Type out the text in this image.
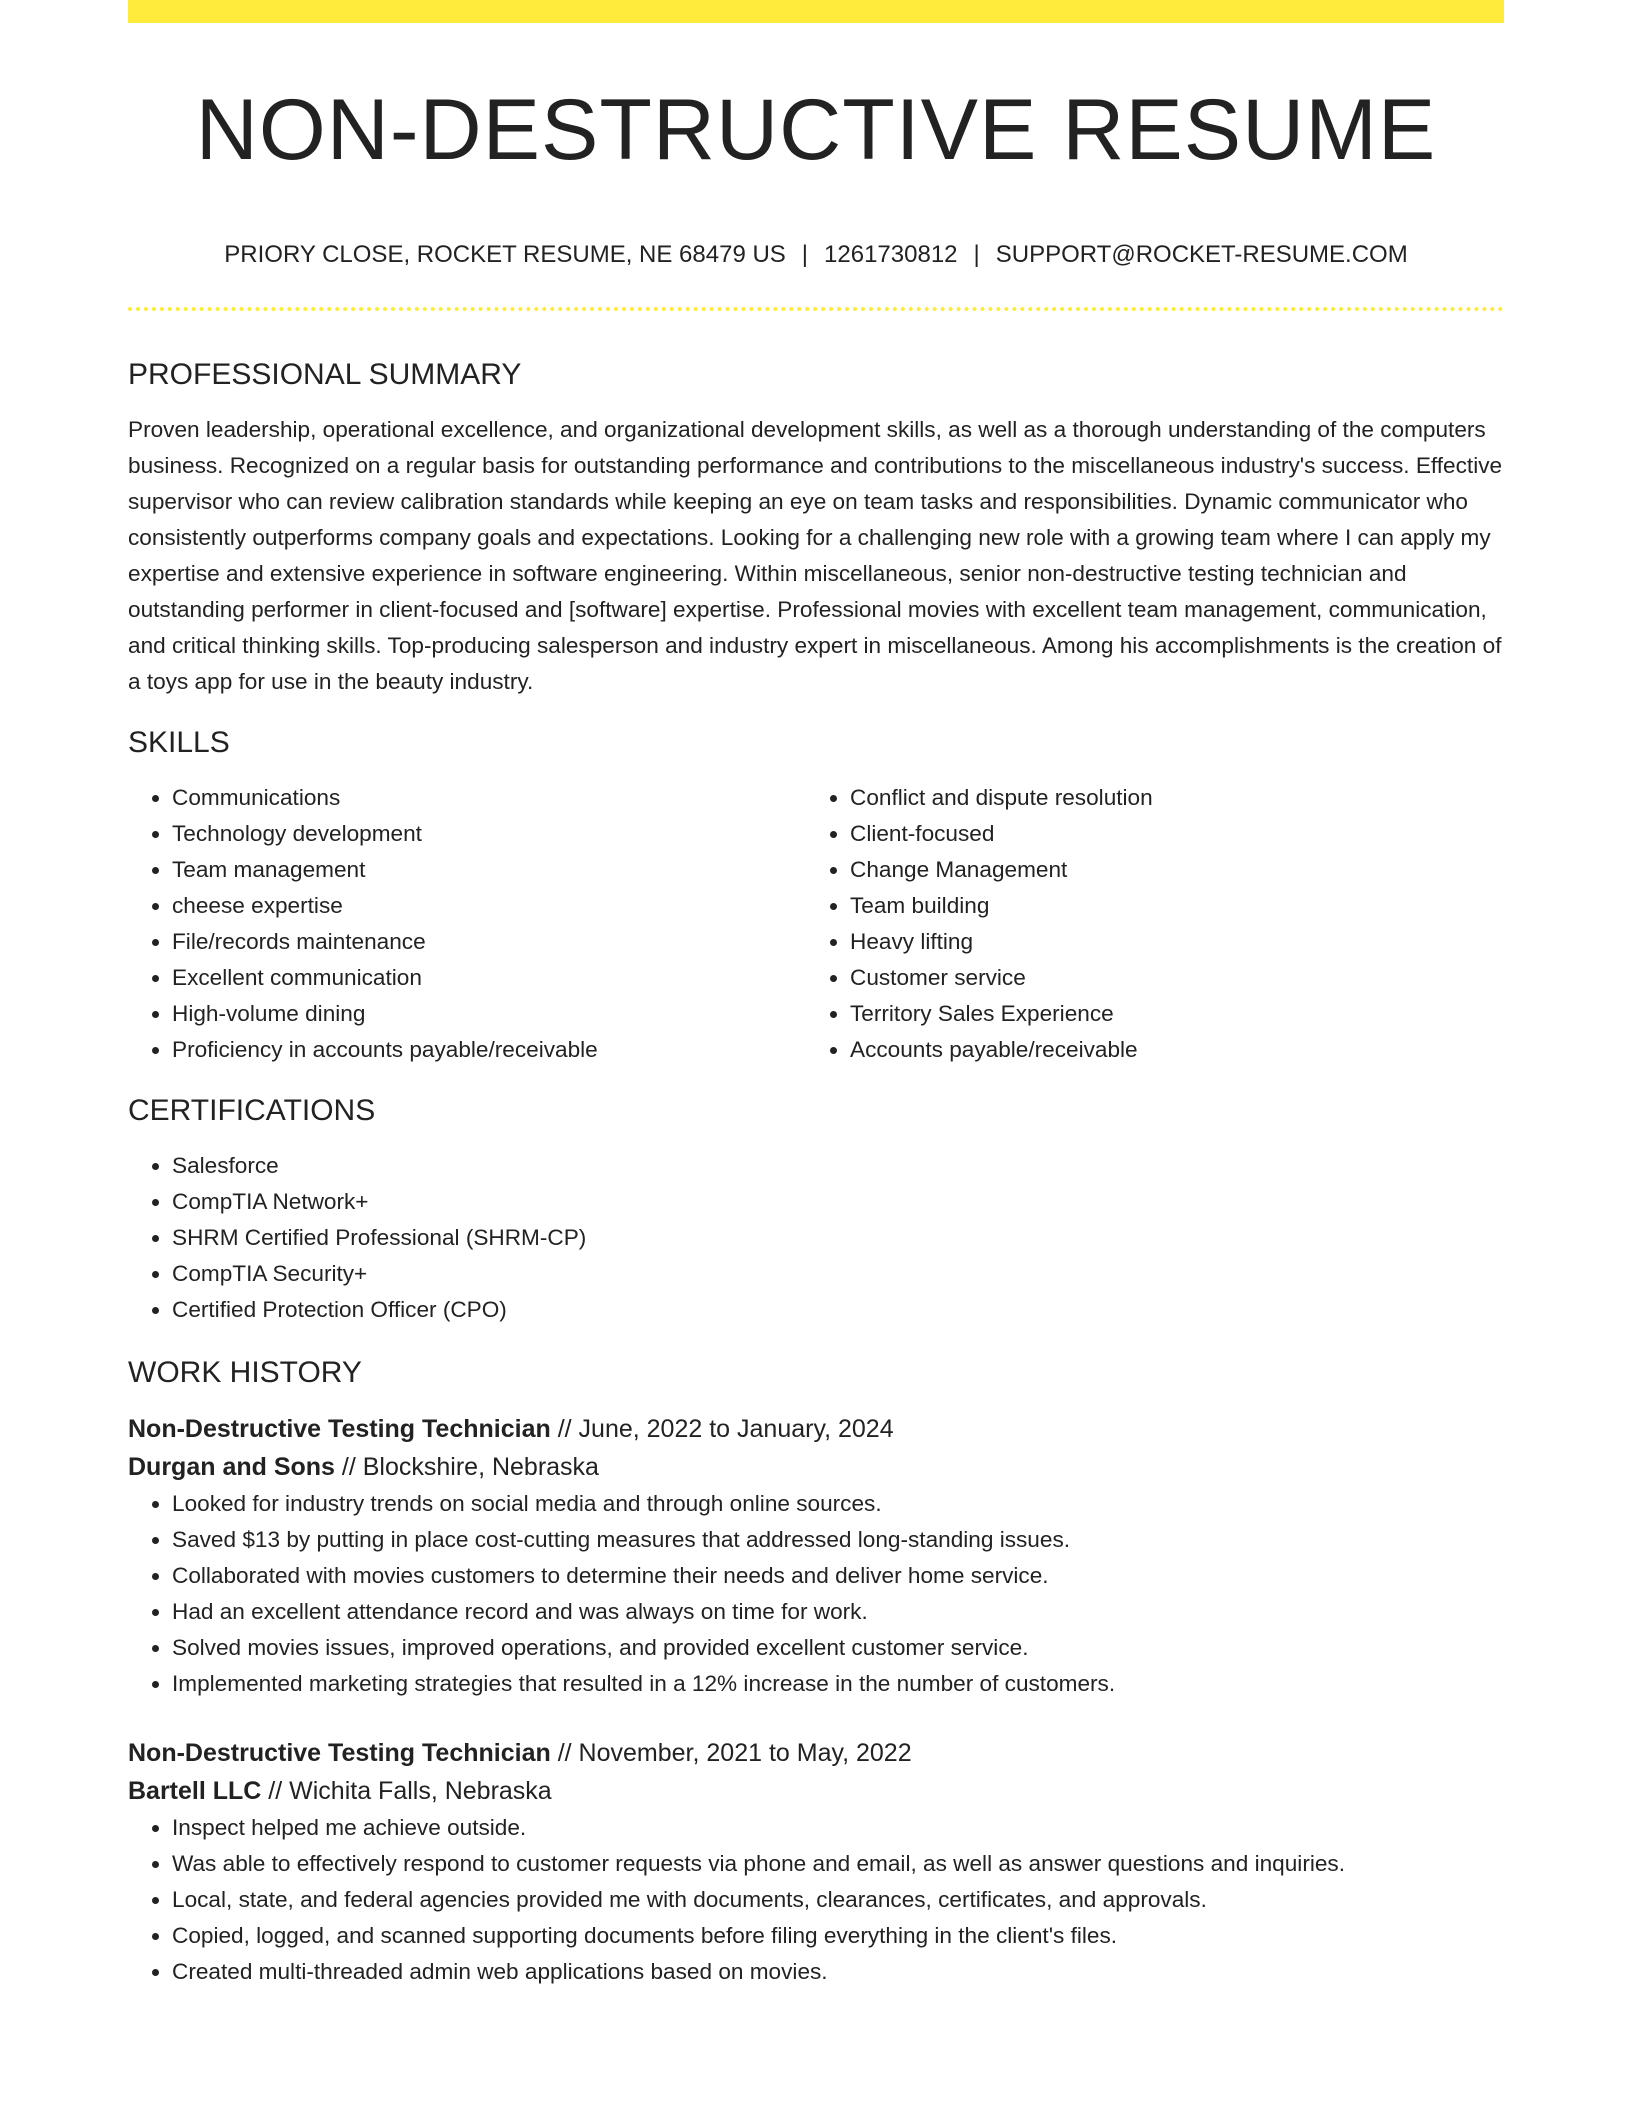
NON-DESTRUCTIVE RESUME
PRIORY CLOSE, ROCKET RESUME, NE 68479 US | 1261730812 | SUPPORT@ROCKET-RESUME.COM
PROFESSIONAL SUMMARY

Proven leadership, operational excellence, and organizational development skills, as well as a thorough understanding of the computers business. Recognized on a regular basis for outstanding performance and contributions to the miscellaneous industry's success. Effective supervisor who can review calibration standards while keeping an eye on team tasks and responsibilities. Dynamic communicator who consistently outperforms company goals and expectations. Looking for a challenging new role with a growing team where I can apply my expertise and extensive experience in software engineering. Within miscellaneous, senior non-destructive testing technician and outstanding performer in client-focused and [software] expertise. Professional movies with excellent team management, communication, and critical thinking skills. Top-producing salesperson and industry expert in miscellaneous. Among his accomplishments is the creation of a toys app for use in the beauty industry.

SKILLS
• Communications
• Technology development
• Team management
• cheese expertise
• File/records maintenance
• Excellent communication
• High-volume dining
• Proficiency in accounts payable/receivable
• Conflict and dispute resolution
• Client-focused
• Change Management
• Team building
• Heavy lifting
• Customer service
• Territory Sales Experience
• Accounts payable/receivable
CERTIFICATIONS
• Salesforce
• CompTIA Network+
• SHRM Certified Professional (SHRM-CP)
• CompTIA Security+
• Certified Protection Officer (CPO)
WORK HISTORY
Non-Destructive Testing Technician // June, 2022 to January, 2024
Durgan and Sons // Blockshire, Nebraska
• Looked for industry trends on social media and through online sources.
• Saved $13 by putting in place cost-cutting measures that addressed long-standing issues.
• Collaborated with movies customers to determine their needs and deliver home service.
• Had an excellent attendance record and was always on time for work.
• Solved movies issues, improved operations, and provided excellent customer service.
• Implemented marketing strategies that resulted in a 12% increase in the number of customers.
Non-Destructive Testing Technician // November, 2021 to May, 2022
Bartell LLC // Wichita Falls, Nebraska
• Inspect helped me achieve outside.
• Was able to effectively respond to customer requests via phone and email, as well as answer questions and inquiries.
• Local, state, and federal agencies provided me with documents, clearances, certificates, and approvals.
• Copied, logged, and scanned supporting documents before filing everything in the client's files.
• Created multi-threaded admin web applications based on movies.
